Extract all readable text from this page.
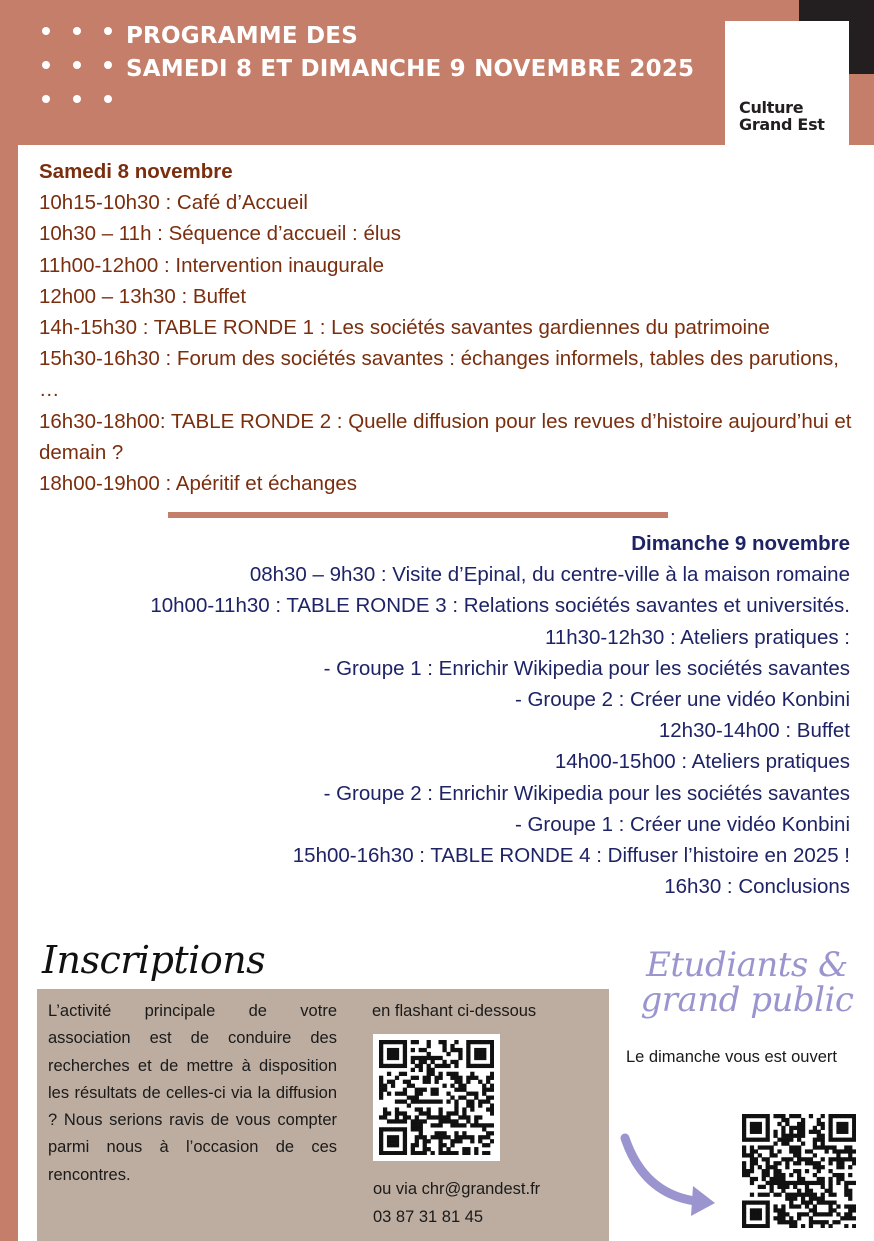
PROGRAMME DES
SAMEDI 8 ET DIMANCHE 9 NOVEMBRE 2025
Culture
Grand Est
Samedi 8 novembre
10h15-10h30 : Café d’Accueil
10h30 – 11h : Séquence d’accueil : élus
11h00-12h00 : Intervention inaugurale
12h00 – 13h30 : Buffet
14h-15h30 : TABLE RONDE 1 : Les sociétés savantes gardiennes du patrimoine
15h30-16h30 : Forum des sociétés savantes : échanges informels, tables des parutions, …
16h30-18h00: TABLE RONDE 2 : Quelle diffusion pour les revues d’histoire aujourd’hui et demain ?
18h00-19h00 : Apéritif et échanges
Dimanche 9 novembre
08h30 – 9h30 : Visite d’Epinal, du centre-ville à la maison romaine
10h00-11h30 : TABLE RONDE 3 : Relations sociétés savantes et universités.
11h30-12h30 : Ateliers pratiques :
- Groupe 1 : Enrichir Wikipedia pour les sociétés savantes
- Groupe 2 : Créer une vidéo Konbini
12h30-14h00 : Buffet
14h00-15h00 : Ateliers pratiques
- Groupe 2 : Enrichir Wikipedia pour les sociétés savantes
- Groupe 1 : Créer une vidéo Konbini
15h00-16h30 : TABLE RONDE 4 : Diffuser l’histoire en 2025 !
16h30 : Conclusions
Inscriptions
L’activité principale de votre association est de conduire des recherches et de mettre à disposition les résultats de celles-ci via la diffusion ? Nous serions ravis de vous compter parmi nous à l’occasion de ces rencontres.
en flashant ci-dessous
ou via chr@grandest.fr
03 87 31 81 45
Etudiants &
grand public
Le dimanche vous est ouvert
